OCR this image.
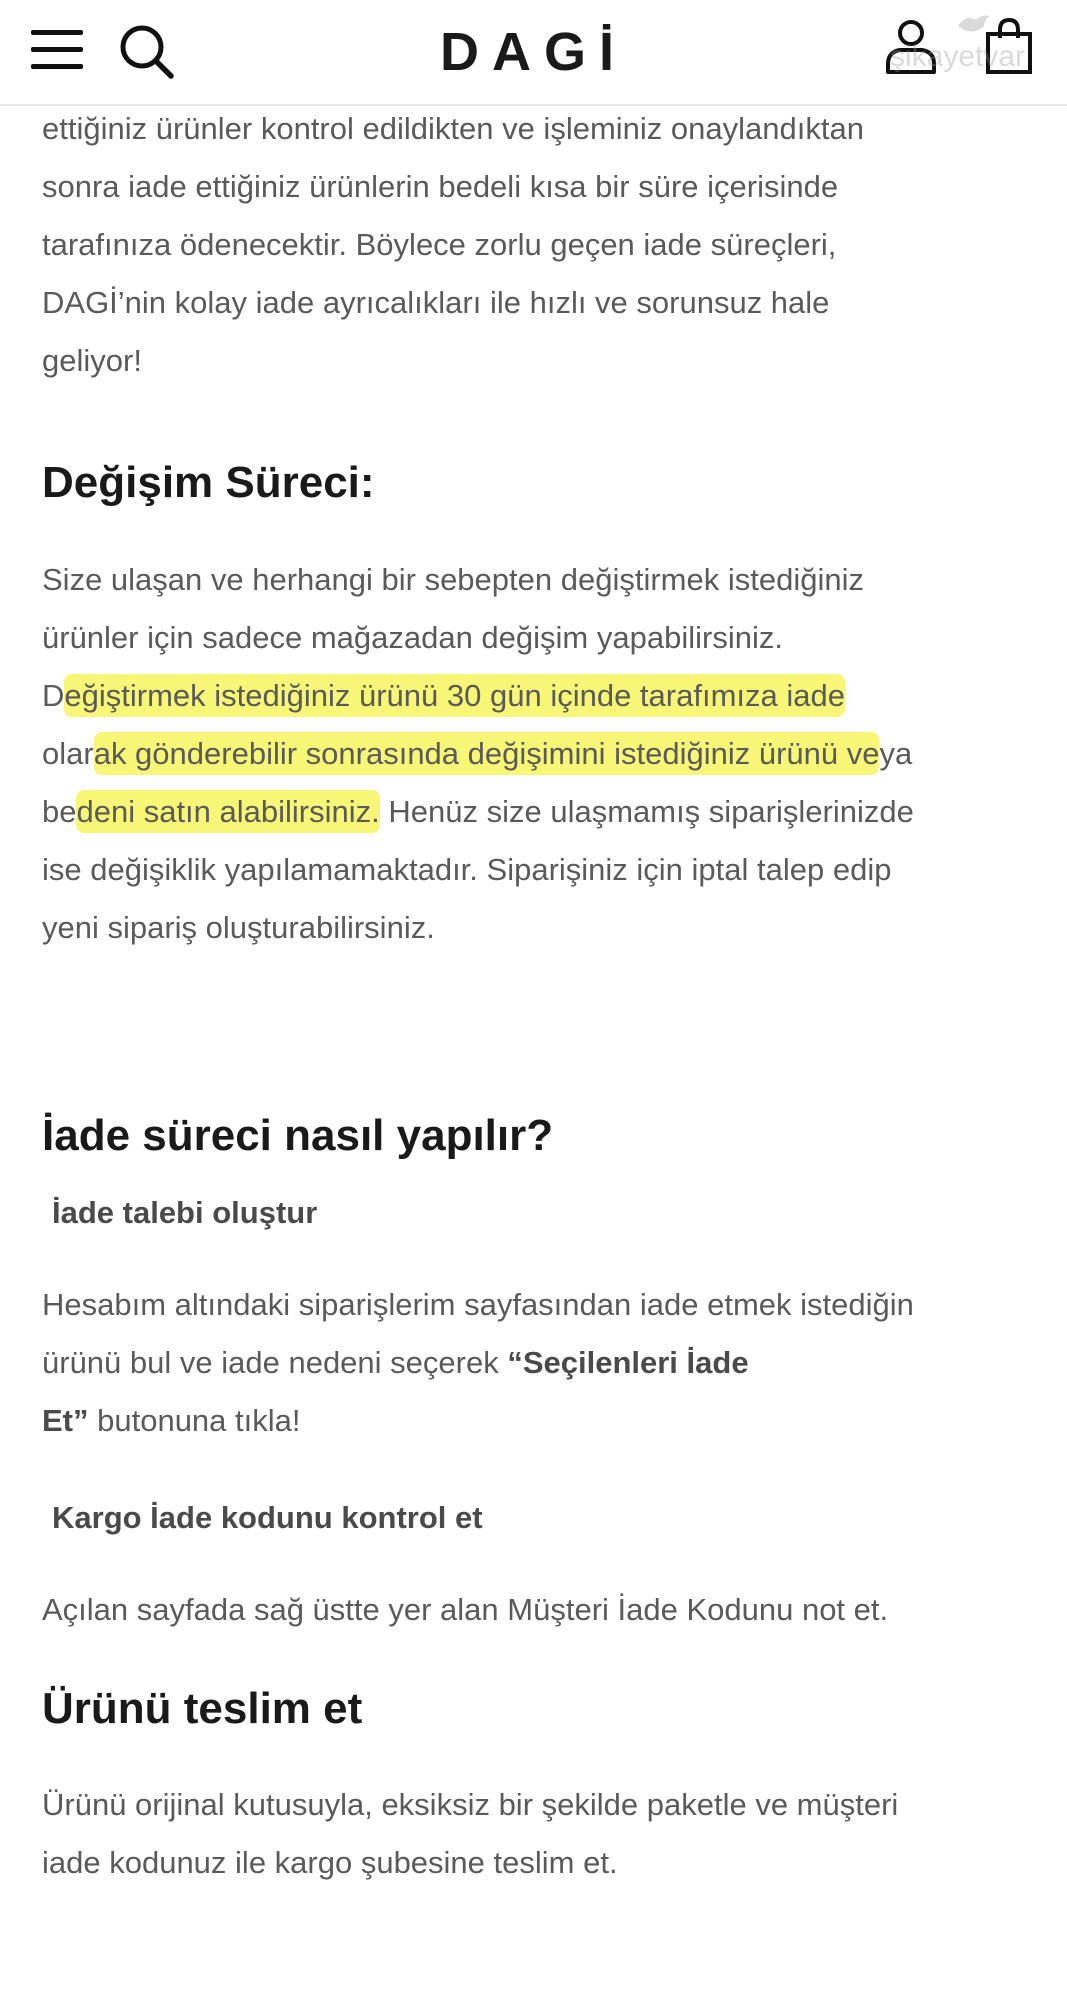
DAGİ	şikayetvar

ettiğiniz ürünler kontrol edildikten ve işleminiz onaylandıktan

sonra iade ettiğiniz ürünlerin bedeli kısa bir süre içerisinde

tarafınıza ödenecektir. Böylece zorlu geçen iade süreçleri,

DAGİ’nin kolay iade ayrıcalıkları ile hızlı ve sorunsuz hale

geliyor!

Değişim Süreci:

Size ulaşan ve herhangi bir sebepten değiştirmek istediğiniz

ürünler için sadece mağazadan değişim yapabilirsiniz.

Değiştirmek istediğiniz ürünü 30 gün içinde tarafımıza iade

olarak gönderebilir sonrasında değişimini istediğiniz ürünü veya

bedeni satın alabilirsiniz. Henüz size ulaşmamış siparişlerinizde

ise değişiklik yapılamamaktadır. Siparişiniz için iptal talep edip

yeni sipariş oluşturabilirsiniz.

İade süreci nasıl yapılır?
İade talebi oluştur

Hesabım altındaki siparişlerim sayfasından iade etmek istediğin

ürünü bul ve iade nedeni seçerek “Seçilenleri İade

Et” butonuna tıkla!

Kargo İade kodunu kontrol et

Açılan sayfada sağ üstte yer alan Müşteri İade Kodunu not et.

Ürünü teslim et

Ürünü orijinal kutusuyla, eksiksiz bir şekilde paketle ve müşteri

iade kodunuz ile kargo şubesine teslim et.
